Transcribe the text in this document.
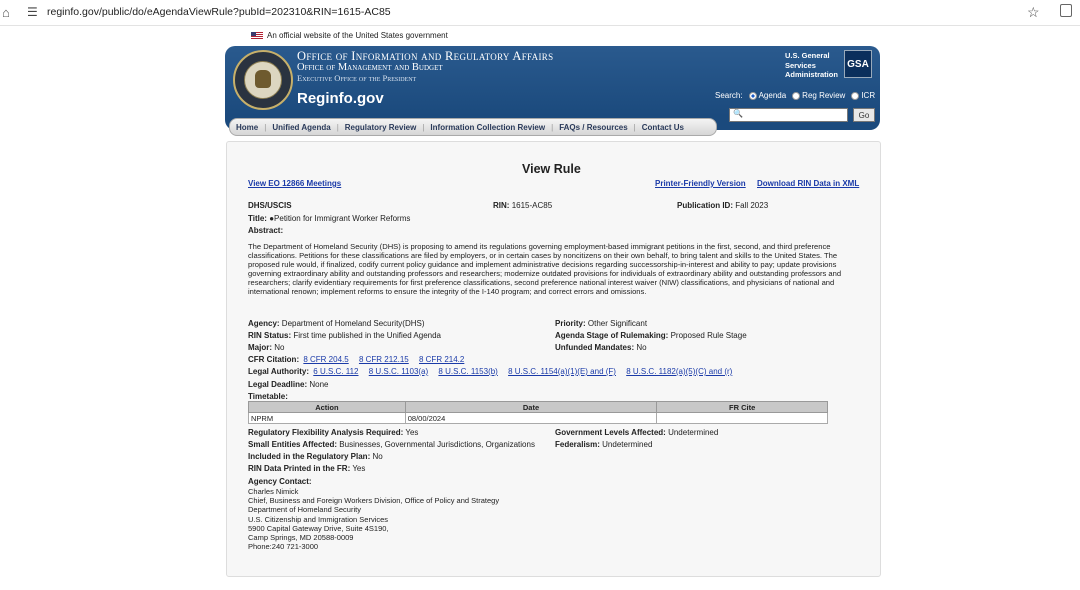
⌂ ☰ reginfo.gov/public/do/eAgendaViewRule?pubId=202310&RIN=1615-AC85	☆
An official website of the United States government
Office of Information and Regulatory Affairs
Office of Management and Budget
Executive Office of the President
Reginfo.gov
U.S. General
Services
Administration
GSA
Search: Agenda Reg Review ICR
🔍	Go
Home | Unified Agenda | Regulatory Review | Information Collection Review | FAQs / Resources | Contact Us
View Rule
View EO 12866 Meetings	Printer-Friendly Version Download RIN Data in XML
DHS/USCIS	RIN: 1615-AC85	Publication ID: Fall 2023
Title: ●Petition for Immigrant Worker Reforms
Abstract:
The Department of Homeland Security (DHS) is proposing to amend its regulations governing employment-based immigrant petitions in the first, second, and third preference classifications. Petitions for these classifications are filed by employers, or in certain cases by noncitizens on their own behalf, to bring talent and skills to the United States. The proposed rule would, if finalized, codify current policy guidance and implement administrative decisions regarding successorship-in-interest and ability to pay; update provisions governing extraordinary ability and outstanding professors and researchers; modernize outdated provisions for individuals of extraordinary ability and outstanding professors and researchers; clarify evidentiary requirements for first preference classifications, second preference national interest waiver (NIW) classifications, and physicians of national and international renown; implement reforms to ensure the integrity of the I-140 program; and correct errors and omissions.
Agency: Department of Homeland Security(DHS)	Priority: Other Significant
RIN Status: First time published in the Unified Agenda	Agenda Stage of Rulemaking: Proposed Rule Stage
Major: No	Unfunded Mandates: No
CFR Citation: 8 CFR 204.5 8 CFR 212.15 8 CFR 214.2
Legal Authority: 6 U.S.C. 112 8 U.S.C. 1103(a) 8 U.S.C. 1153(b) 8 U.S.C. 1154(a)(1)(E) and (F) 8 U.S.C. 1182(a)(5)(C) and (r)
Legal Deadline: None
Timetable:
Action	Date	FR Cite
NPRM	08/00/2024	
Regulatory Flexibility Analysis Required: Yes	Government Levels Affected: Undetermined
Small Entities Affected: Businesses, Governmental Jurisdictions, Organizations	Federalism: Undetermined
Included in the Regulatory Plan: No
RIN Data Printed in the FR: Yes
Agency Contact:
Charles Nimick
Chief, Business and Foreign Workers Division, Office of Policy and Strategy
Department of Homeland Security
U.S. Citizenship and Immigration Services
5900 Capital Gateway Drive, Suite 4S190,
Camp Springs, MD 20588-0009
Phone:240 721-3000
